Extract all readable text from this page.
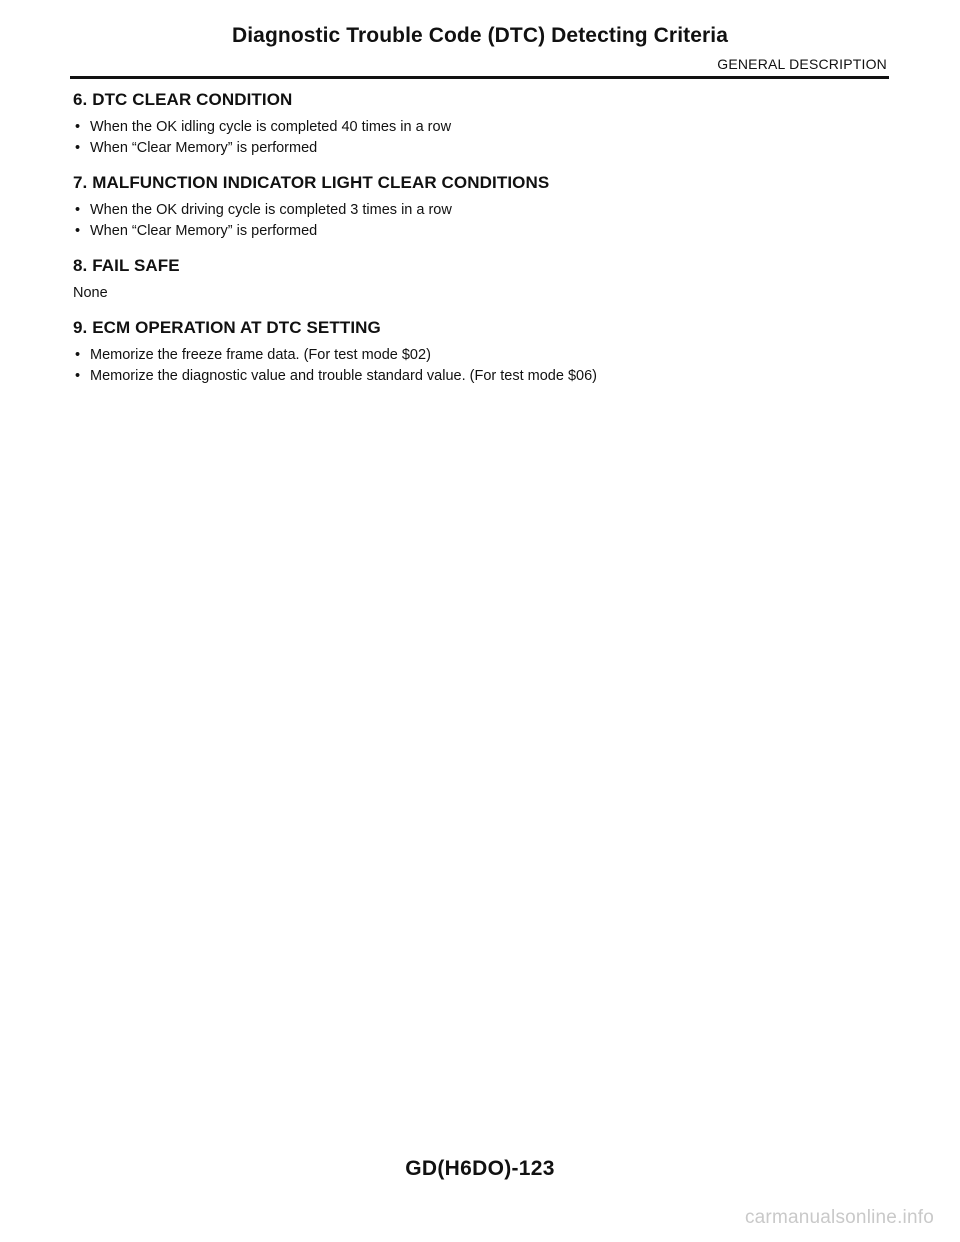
Diagnostic Trouble Code (DTC) Detecting Criteria
GENERAL DESCRIPTION
6. DTC CLEAR CONDITION
• When the OK idling cycle is completed 40 times in a row
• When “Clear Memory” is performed
7. MALFUNCTION INDICATOR LIGHT CLEAR CONDITIONS
• When the OK driving cycle is completed 3 times in a row
• When “Clear Memory” is performed
8. FAIL SAFE

None

9. ECM OPERATION AT DTC SETTING
• Memorize the freeze frame data. (For test mode $02)
• Memorize the diagnostic value and trouble standard value. (For test mode $06)
GD(H6DO)-123
carmanualsonline.info
